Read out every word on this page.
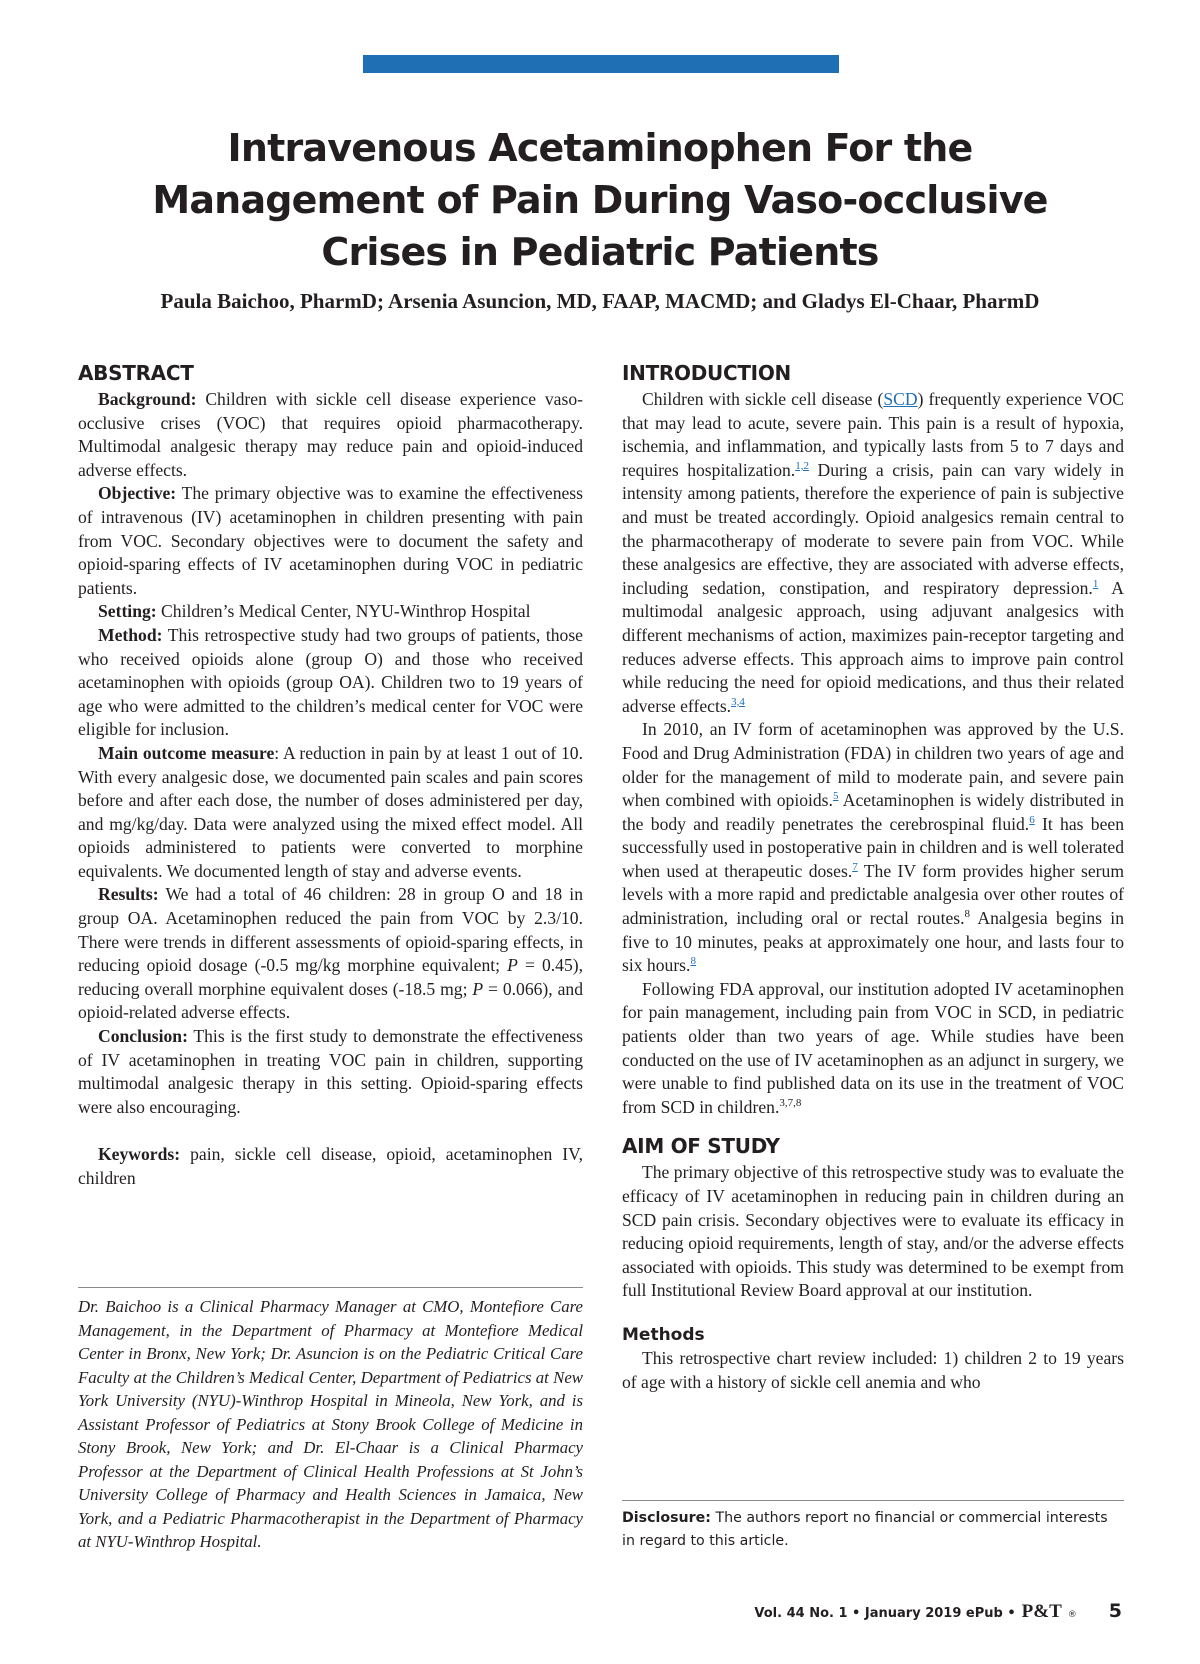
Intravenous Acetaminophen For the
Management of Pain During Vaso-occlusive
Crises in Pediatric Patients
Paula Baichoo, PharmD; Arsenia Asuncion, MD, FAAP, MACMD; and Gladys El-Chaar, PharmD
ABSTRACT

Background: Children with sickle cell disease experience vaso-occlusive crises (VOC) that requires opioid pharmacotherapy. Multimodal analgesic therapy may reduce pain and opioid-induced adverse effects.

Objective: The primary objective was to examine the effectiveness of intravenous (IV) acetaminophen in children presenting with pain from VOC. Secondary objectives were to document the safety and opioid-sparing effects of IV acetaminophen during VOC in pediatric patients.

Setting: Children’s Medical Center, NYU-Winthrop Hospital

Method: This retrospective study had two groups of patients, those who received opioids alone (group O) and those who received acetaminophen with opioids (group OA). Children two to 19 years of age who were admitted to the children’s medical center for VOC were eligible for inclusion.

Main outcome measure: A reduction in pain by at least 1 out of 10. With every analgesic dose, we documented pain scales and pain scores before and after each dose, the number of doses administered per day, and mg/kg/day. Data were analyzed using the mixed effect model. All opioids administered to patients were converted to morphine equivalents. We documented length of stay and adverse events.

Results: We had a total of 46 children: 28 in group O and 18 in group OA. Acetaminophen reduced the pain from VOC by 2.3/10. There were trends in different assessments of opioid-sparing effects, in reducing opioid dosage (-0.5 mg/kg morphine equivalent; P = 0.45), reducing overall morphine equivalent doses (-18.5 mg; P = 0.066), and opioid-related adverse effects.

Conclusion: This is the first study to demonstrate the effectiveness of IV acetaminophen in treating VOC pain in children, supporting multimodal analgesic therapy in this setting. Opioid-sparing effects were also encouraging.

Keywords: pain, sickle cell disease, opioid, acetaminophen IV, children

Dr. Baichoo is a Clinical Pharmacy Manager at CMO, Montefiore Care Management, in the Department of Pharmacy at Montefiore Medical Center in Bronx, New York; Dr. Asuncion is on the Pediatric Critical Care Faculty at the Children’s Medical Center, Department of Pediatrics at New York University (NYU)-Winthrop Hospital in Mineola, New York, and is Assistant Professor of Pediatrics at Stony Brook College of Medicine in Stony Brook, New York; and Dr. El-Chaar is a Clinical Pharmacy Professor at the Department of Clinical Health Professions at St John’s University College of Pharmacy and Health Sciences in Jamaica, New York, and a Pediatric Pharmacotherapist in the Department of Pharmacy at NYU-Winthrop Hospital.
INTRODUCTION

Children with sickle cell disease (SCD) frequently experience VOC that may lead to acute, severe pain. This pain is a result of hypoxia, ischemia, and inflammation, and typically lasts from 5 to 7 days and requires hospitalization.$^{1,2}$ During a crisis, pain can vary widely in intensity among patients, therefore the experience of pain is subjective and must be treated accordingly. Opioid analgesics remain central to the pharmacotherapy of moderate to severe pain from VOC. While these analgesics are effective, they are associated with adverse effects, including sedation, constipation, and respiratory depression.$^1$ A multimodal analgesic approach, using adjuvant analgesics with different mechanisms of action, maximizes pain-receptor targeting and reduces adverse effects. This approach aims to improve pain control while reducing the need for opioid medications, and thus their related adverse effects.$^{3,4}$

In 2010, an IV form of acetaminophen was approved by the U.S. Food and Drug Administration (FDA) in children two years of age and older for the management of mild to moderate pain, and severe pain when combined with opioids.$^5$ Acetaminophen is widely distributed in the body and readily penetrates the cerebrospinal fluid.$^6$ It has been successfully used in postoperative pain in children and is well tolerated when used at therapeutic doses.$^7$ The IV form provides higher serum levels with a more rapid and predictable analgesia over other routes of administration, including oral or rectal routes.$^8$ Analgesia begins in five to 10 minutes, peaks at approximately one hour, and lasts four to six hours.$^8$

Following FDA approval, our institution adopted IV acetaminophen for pain management, including pain from VOC in SCD, in pediatric patients older than two years of age. While studies have been conducted on the use of IV acetaminophen as an adjunct in surgery, we were unable to find published data on its use in the treatment of VOC from SCD in children.$^{3,7,8}$

AIM OF STUDY

The primary objective of this retrospective study was to evaluate the efficacy of IV acetaminophen in reducing pain in children during an SCD pain crisis. Secondary objectives were to evaluate its efficacy in reducing opioid requirements, length of stay, and/or the adverse effects associated with opioids. This study was determined to be exempt from full Institutional Review Board approval at our institution.

Methods

This retrospective chart review included: 1) children 2 to 19 years of age with a history of sickle cell anemia and who

Disclosure: The authors report no financial or commercial interests in regard to this article.
Vol. 44 No. 1 • January 2019 ePub • P&T ® 5
